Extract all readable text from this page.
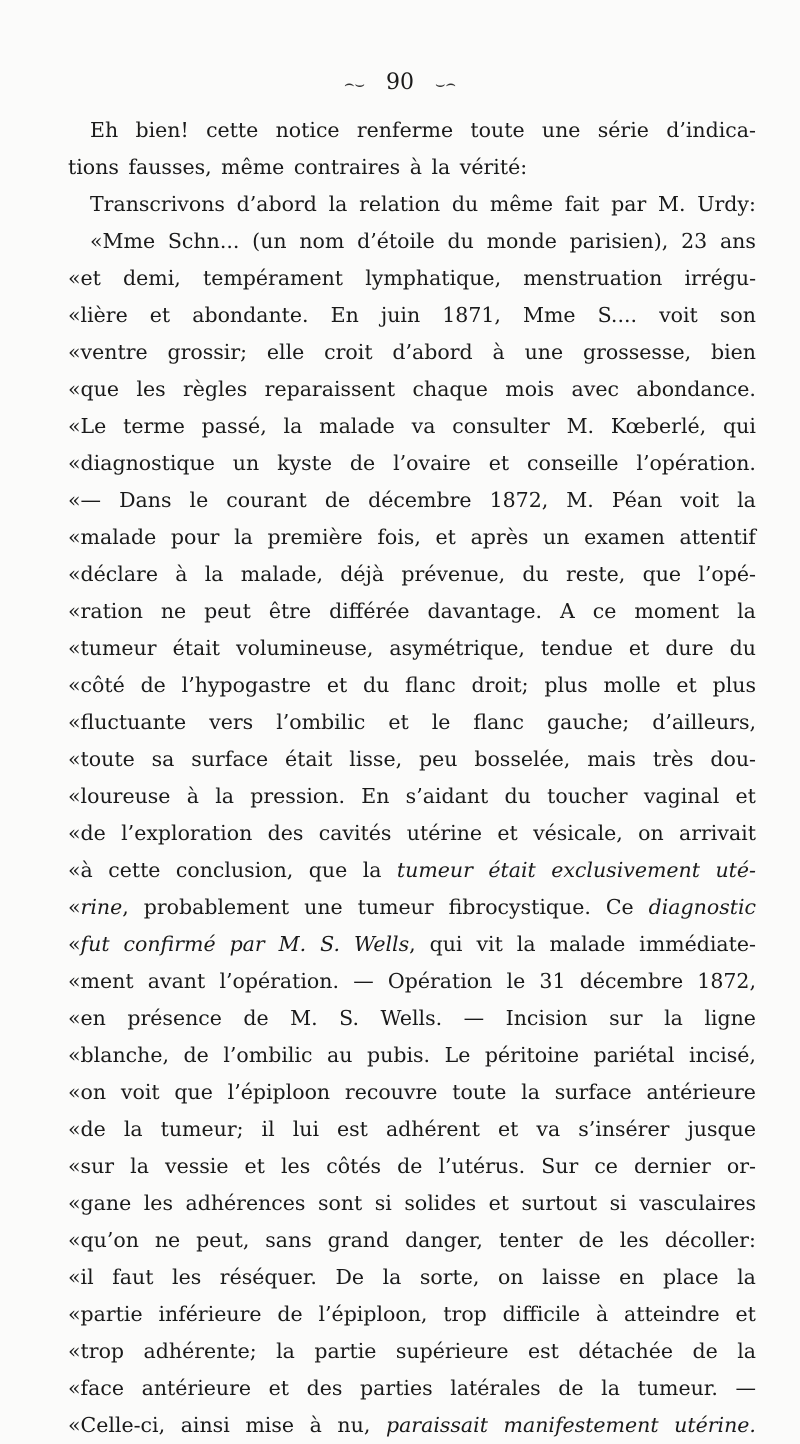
⌢⌣ 90 ⌣⌢
Eh bien! cette notice renferme toute une série d’indica-
tions
fausses,
même
contraires
à
la
vérité:

Transcrivons d’abord la relation du même fait par M. Urdy:
«Mme Schn... (un nom d’étoile du monde parisien), 23 ans
«et demi, tempérament lymphatique, menstruation irrégu-
«lière et abondante. En juin 1871, Mme S.... voit son
«ventre grossir; elle croit d’abord à une grossesse, bien
«que les règles reparaissent chaque mois avec abondance.
«Le terme passé, la malade va consulter M. Kœberlé, qui
«diagnostique un kyste de l’ovaire et conseille l’opération.
«— Dans le courant de décembre 1872, M. Péan voit la
«malade pour la première fois, et après un examen attentif
«déclare à la malade, déjà prévenue, du reste, que l’opé-
«ration ne peut être différée davantage. A ce moment la
«tumeur était volumineuse, asymétrique, tendue et dure du
«côté de l’hypogastre et du flanc droit; plus molle et plus
«fluctuante vers l’ombilic et le flanc gauche; d’ailleurs,
«toute sa surface était lisse, peu bosselée, mais très dou-
«loureuse à la pression. En s’aidant du toucher vaginal et
«de l’exploration des cavités utérine et vésicale, on arrivait
«à cette conclusion, que la tumeur était exclusivement uté-
«rine, probablement une tumeur fibrocystique. Ce diagnostic
«fut confirmé par M. S. Wells, qui vit la malade immédiate-
«ment avant l’opération. — Opération le 31 décembre 1872,
«en présence de M. S. Wells. — Incision sur la ligne
«blanche, de l’ombilic au pubis. Le péritoine pariétal incisé,
«on voit que l’épiploon recouvre toute la surface antérieure
«de la tumeur; il lui est adhérent et va s’insérer jusque
«sur la vessie et les côtés de l’utérus. Sur ce dernier or-
«gane les adhérences sont si solides et surtout si vasculaires
«qu’on ne peut, sans grand danger, tenter de les décoller:
«il faut les réséquer. De la sorte, on laisse en place la
«partie inférieure de l’épiploon, trop difficile à atteindre et
«trop adhérente; la partie supérieure est détachée de la
«face antérieure et des parties latérales de la tumeur. —
«Celle-ci, ainsi mise à nu, paraissait manifestement utérine.
